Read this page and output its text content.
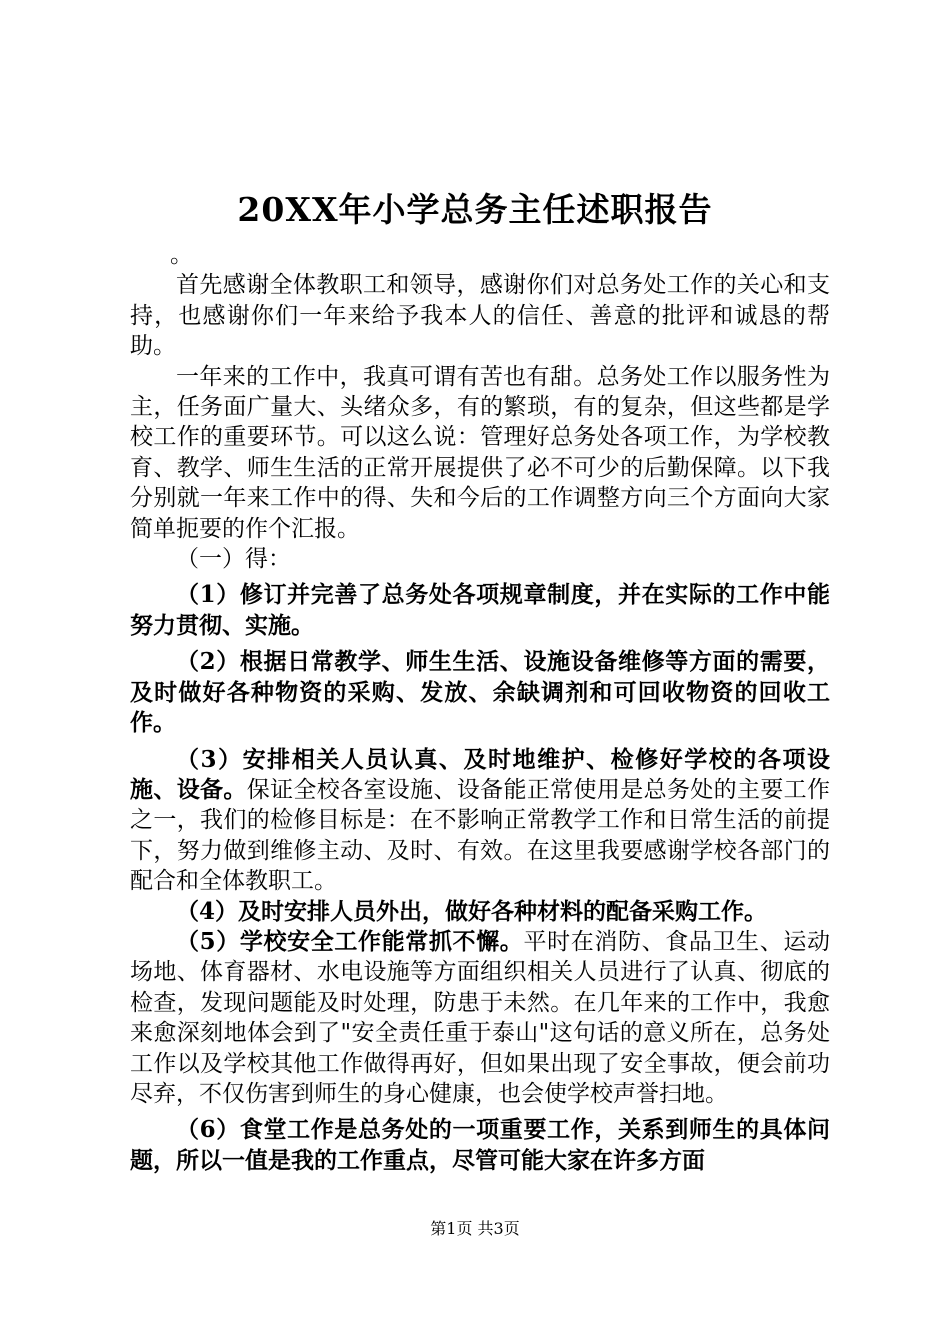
20XX年小学总务主任述职报告

。

首先感谢全体教职工和领导，感谢你们对总务处工作的关心和支持，也感谢你们一年来给予我本人的信任、善意的批评和诚恳的帮助。

一年来的工作中，我真可谓有苦也有甜。总务处工作以服务性为主，任务面广量大、头绪众多，有的繁琐，有的复杂，但这些都是学校工作的重要环节。可以这么说：管理好总务处各项工作，为学校教育、教学、师生生活的正常开展提供了必不可少的后勤保障。以下我分别就一年来工作中的得、失和今后的工作调整方向三个方面向大家简单扼要的作个汇报。

（一）得：

（1）修订并完善了总务处各项规章制度，并在实际的工作中能努力贯彻、实施。

（2）根据日常教学、师生生活、设施设备维修等方面的需要，及时做好各种物资的采购、发放、余缺调剂和可回收物资的回收工作。

（3）安排相关人员认真、及时地维护、检修好学校的各项设施、设备。保证全校各室设施、设备能正常使用是总务处的主要工作之一，我们的检修目标是：在不影响正常教学工作和日常生活的前提下，努力做到维修主动、及时、有效。在这里我要感谢学校各部门的配合和全体教职工。

（4）及时安排人员外出，做好各种材料的配备采购工作。

（5）学校安全工作能常抓不懈。平时在消防、食品卫生、运动场地、体育器材、水电设施等方面组织相关人员进行了认真、彻底的检查，发现问题能及时处理，防患于未然。在几年来的工作中，我愈来愈深刻地体会到了"安全责任重于泰山"这句话的意义所在，总务处工作以及学校其他工作做得再好，但如果出现了安全事故，便会前功尽弃，不仅伤害到师生的身心健康，也会使学校声誉扫地。

（6）食堂工作是总务处的一项重要工作，关系到师生的具体问题，所以一值是我的工作重点，尽管可能大家在许多方面

第1页 共3页
